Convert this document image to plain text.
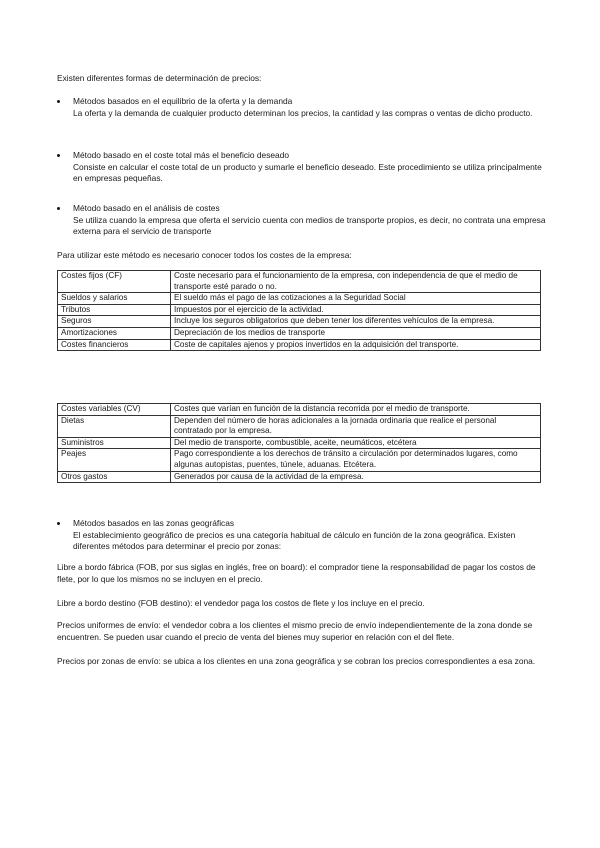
Existen diferentes formas de determinación de precios:
Métodos basados en el equilibrio de la oferta y la demanda
La oferta y la demanda de cualquier producto determinan los precios, la cantidad y las compras o ventas de dicho producto.
Método basado en el coste total más el beneficio deseado
Consiste en calcular el coste total de un producto y sumarle el beneficio deseado. Este procedimiento se utiliza principalmente en empresas pequeñas.
Método basado en el análisis de costes
Se utiliza cuando la empresa que oferta el servicio cuenta con medios de transporte propios, es decir, no contrata una empresa externa para el servicio de transporte
Para utilizar este método es necesario conocer todos los costes de la empresa:
Costes fijos (CF)	Coste necesario para el funcionamiento de la empresa, con independencia de que el medio de transporte esté parado o no.
Sueldos y salarios	El sueldo más el pago de las cotizaciones a la Seguridad Social
Tributos	Impuestos por el ejercicio de la actividad.
Seguros	Incluye los seguros obligatorios que deben tener los diferentes vehículos de la empresa.
Amortizaciones	Depreciación de los medios de transporte
Costes financieros	Coste de capitales ajenos y propios invertidos en la adquisición del transporte.
Costes variables (CV)	Costes que varían en función de la distancia recorrida por el medio de transporte.
Dietas	Dependen del número de horas adicionales a la jornada ordinaria que realice el personal contratado por la empresa.
Suministros	Del medio de transporte, combustible, aceite, neumáticos, etcétera
Peajes	Pago correspondiente a los derechos de tránsito a circulación por determinados lugares, como algunas autopistas, puentes, túnele, aduanas. Etcétera.
Otros gastos	Generados por causa de la actividad de la empresa.
Métodos basados en las zonas geográficas
El establecimiento geográfico de precios es una categoría habitual de cálculo en función de la zona geográfica. Existen diferentes métodos para determinar el precio por zonas:
Libre a bordo fábrica (FOB, por sus siglas en inglés, free on board): el comprador tiene la responsabilidad de pagar los costos de flete, por lo que los mismos no se incluyen en el precio.
Libre a bordo destino (FOB destino): el vendedor paga los costos de flete y los incluye en el precio.
Precios uniformes de envío: el vendedor cobra a los clientes el mismo precio de envío independientemente de la zona donde se encuentren. Se pueden usar cuando el precio de venta del bienes muy superior en relación con el del flete.
Precios por zonas de envío: se ubica a los clientes en una zona geográfica y se cobran los precios correspondientes a esa zona.
